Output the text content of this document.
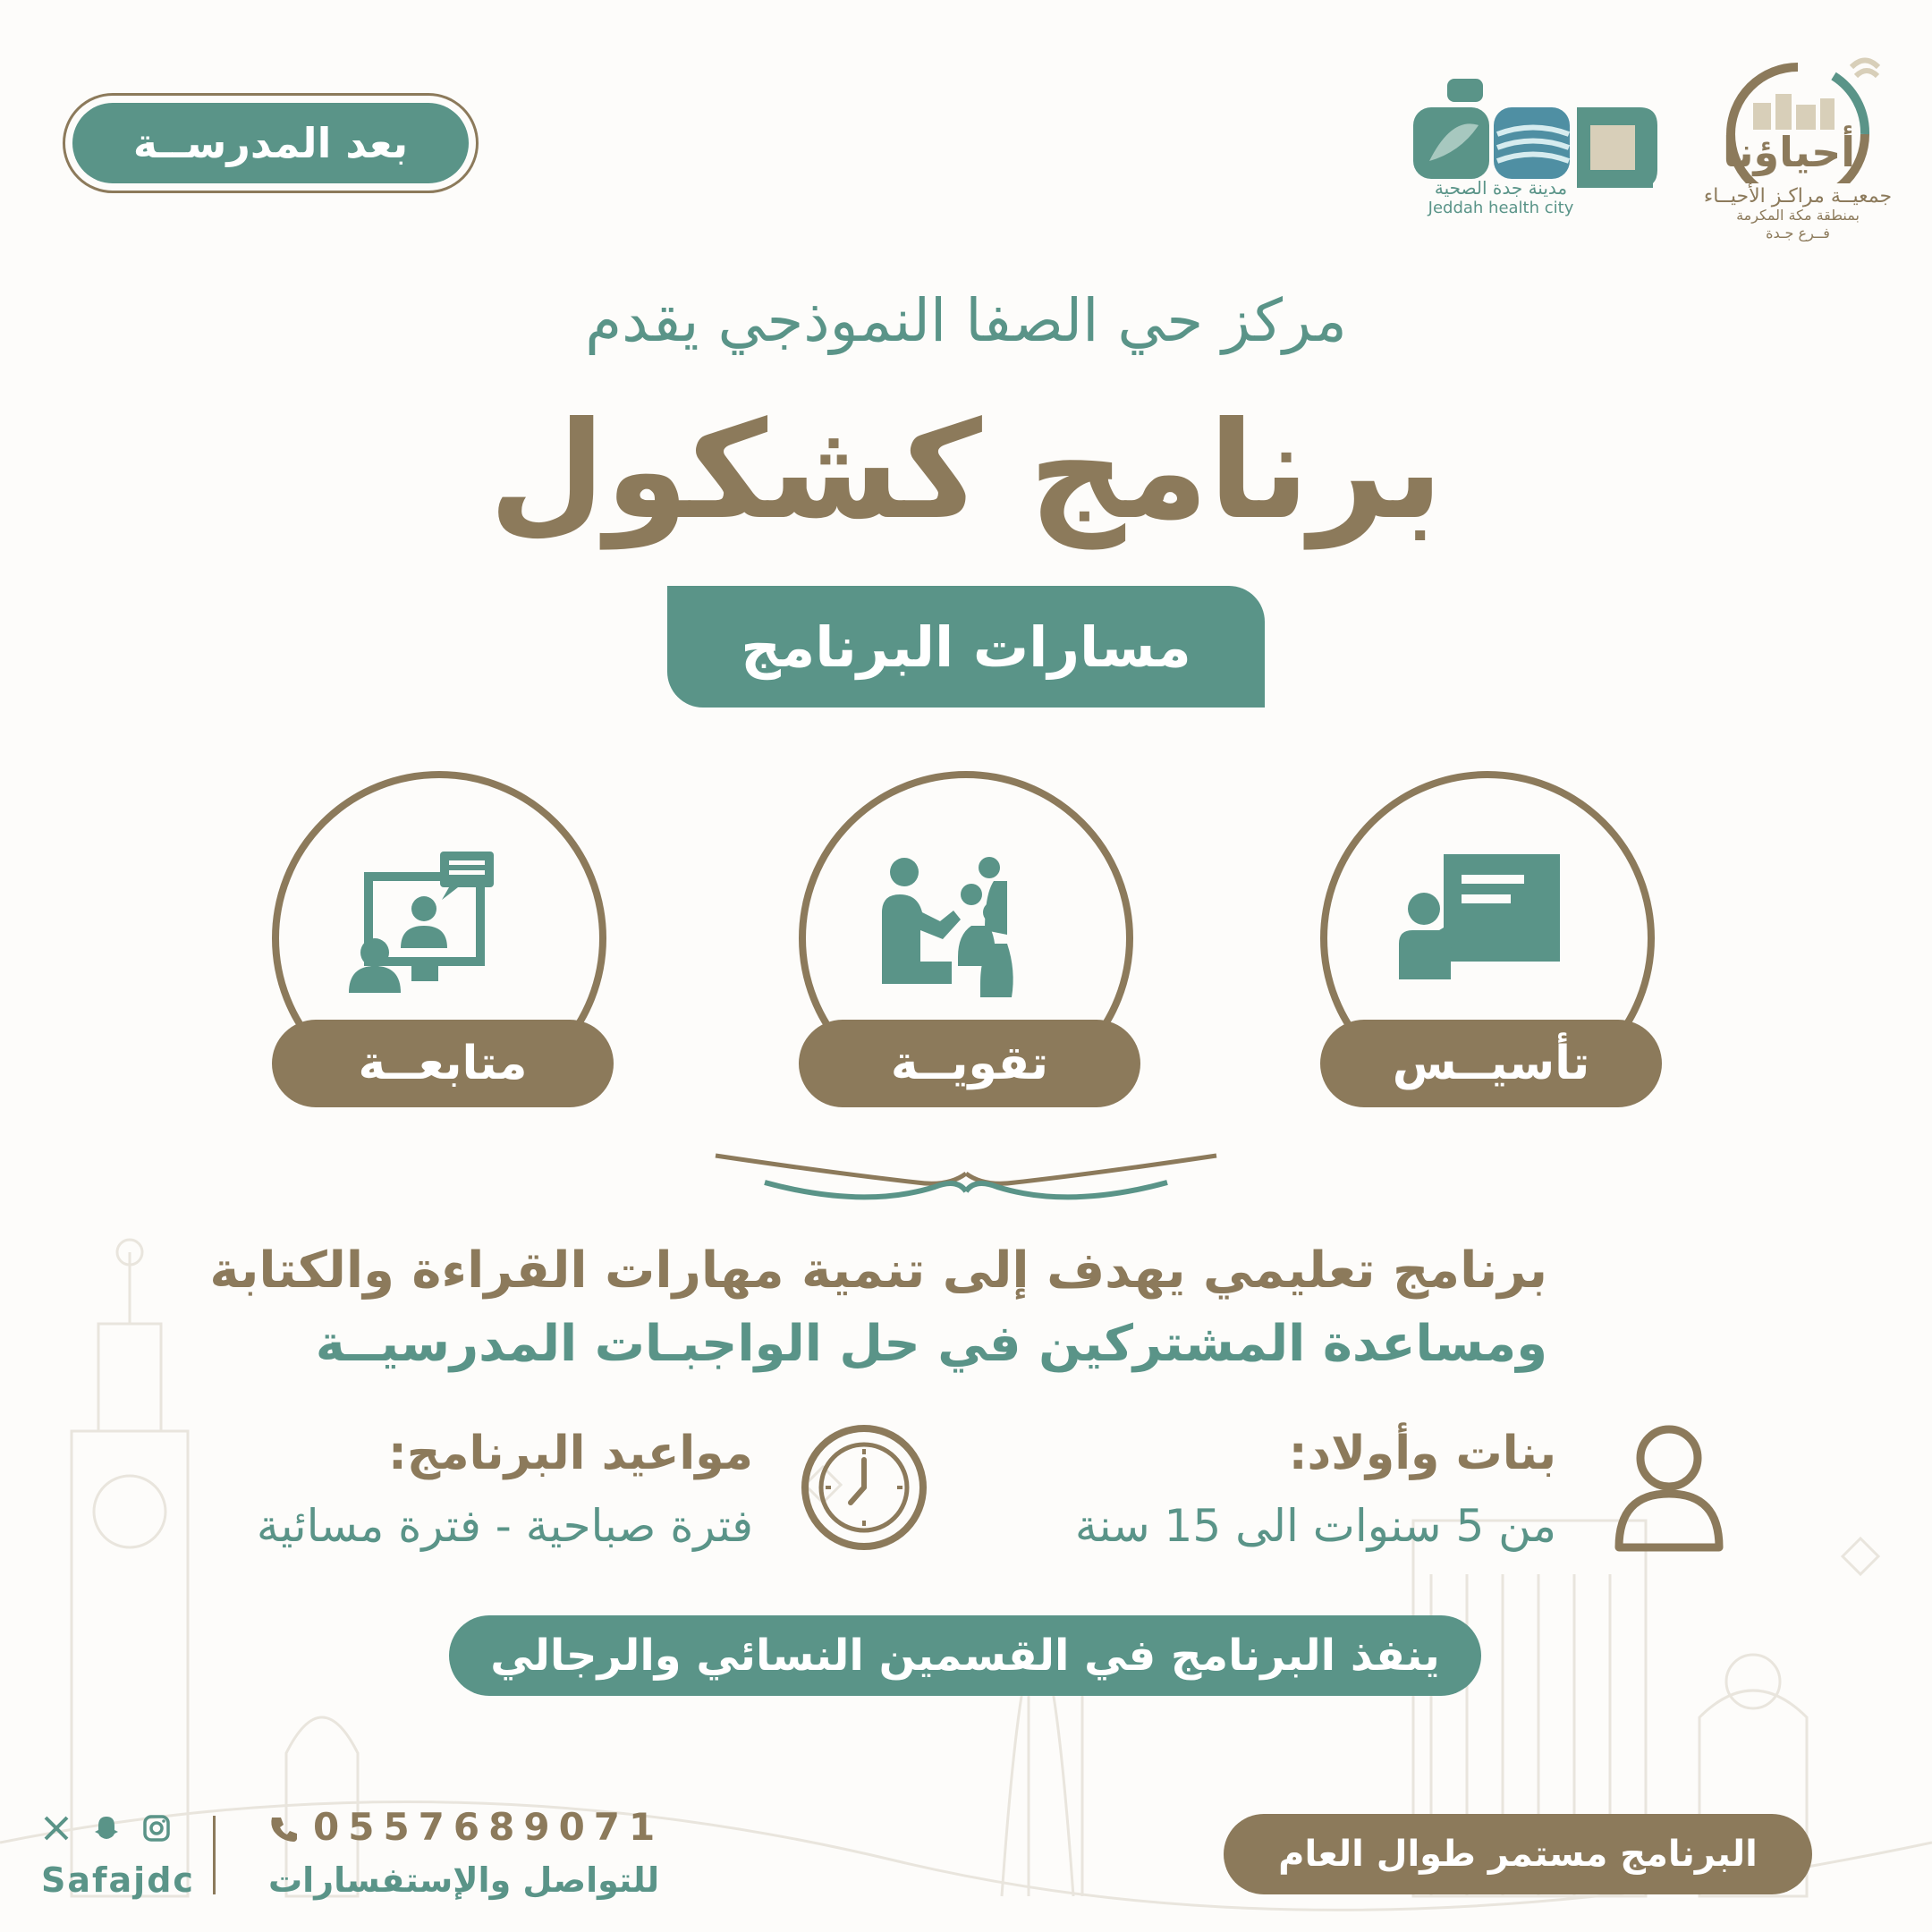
بعد المدرســة
مدينة جدة الصحية
Jeddah health city
أحياؤنا
جمعيــة مراكـز الأحيــاء
بمنطقة مكة المكرمة
فــرع جـدة
مركز حي الصفا النموذجي يقدم
برنامج كشكول
مسارات البرنامج
تأسيــس
تقويــة
متابعــة
برنامج تعليمي يهدف إلى تنمية مهارات القراءة والكتابة
ومساعدة المشتركين في حل الواجبـات المدرسيــة
بنات وأولاد:
من 5 سنوات الى 15 سنة
مواعيد البرنامج:
فترة صباحية - فترة مسائية
ينفذ البرنامج في القسمين النسائي والرجالي
Safajdc
0557689071
للتواصل والإستفسارات
البرنامج مستمر طوال العام
